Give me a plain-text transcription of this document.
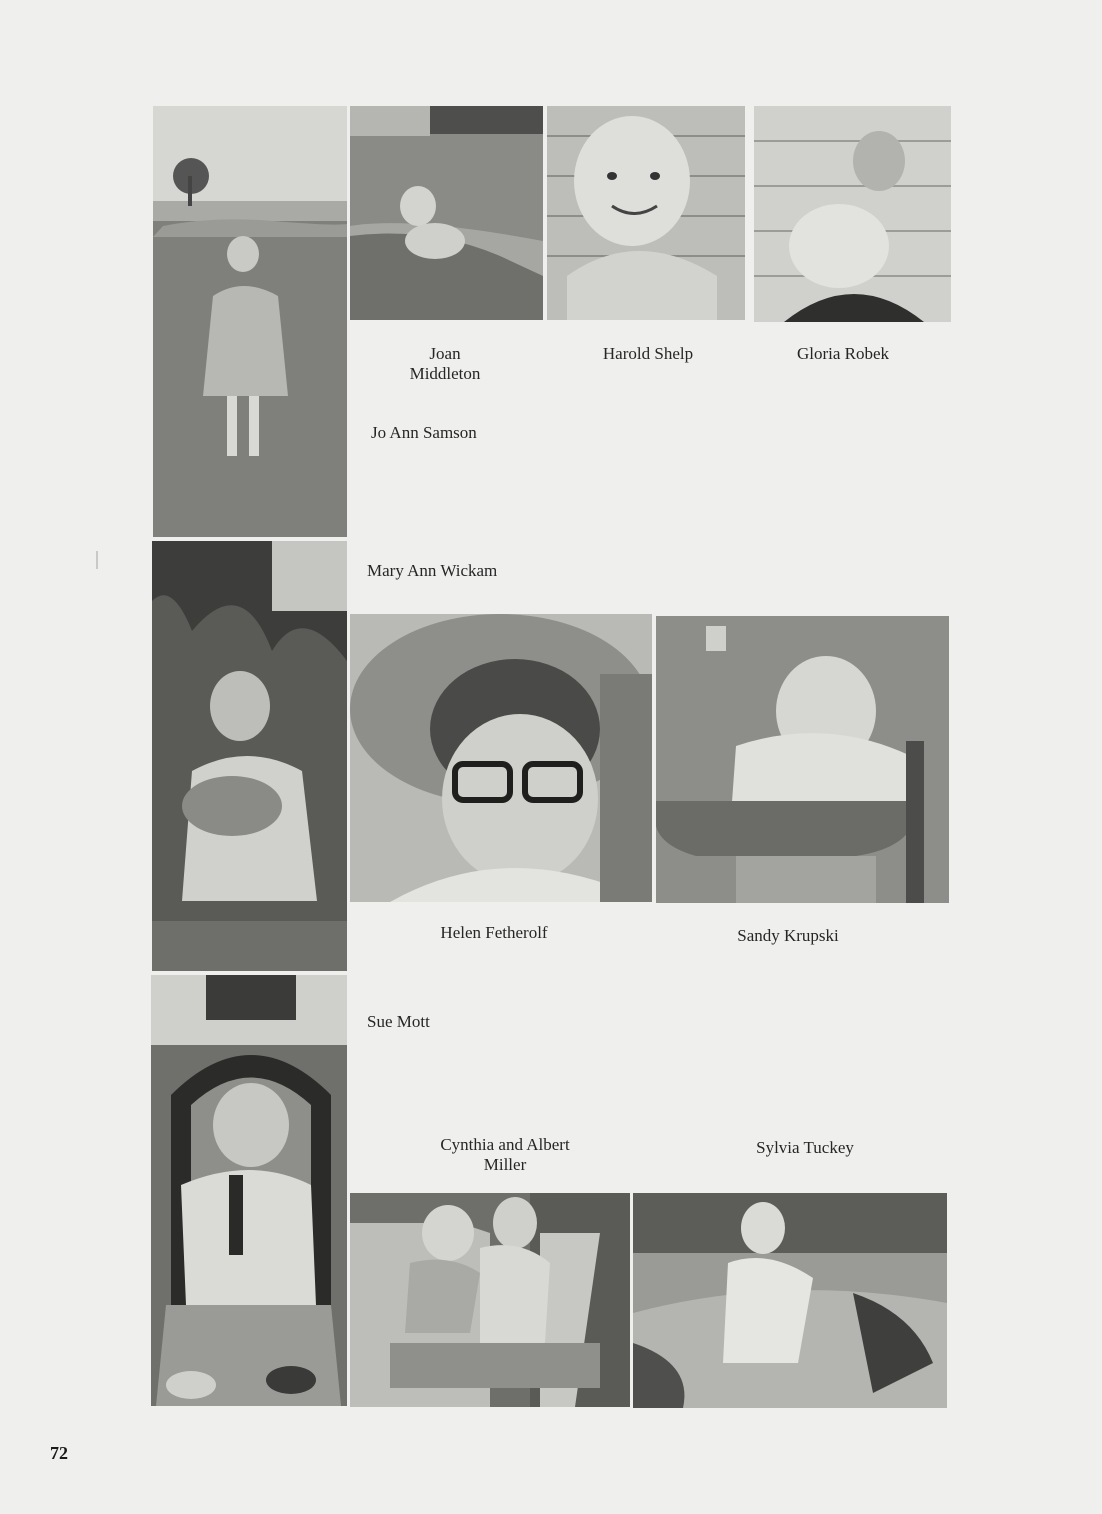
Joan
Middleton
Harold Shelp	Gloria Robek
Jo Ann Samson
Mary Ann Wickam
Helen Fetherolf	Sandy Krupski
Sue Mott
Cynthia and Albert
Miller
Sylvia Tuckey
72
